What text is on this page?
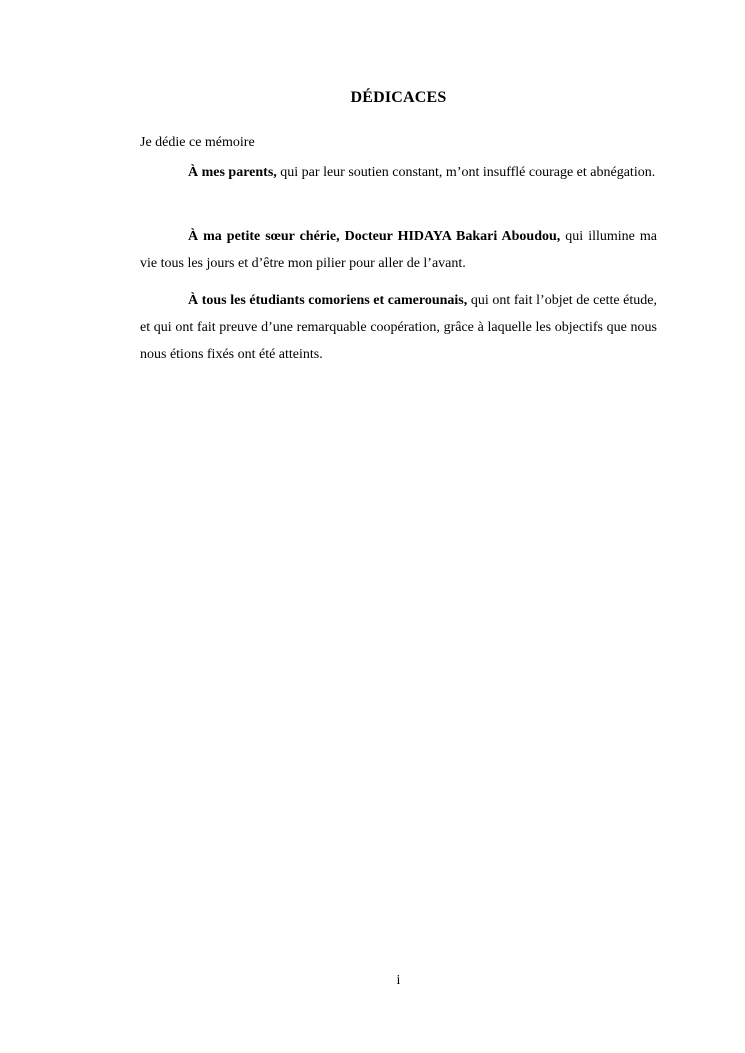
DÉDICACES
Je dédie ce mémoire

À mes parents, qui par leur soutien constant, m’ont insufflé courage et abnégation.

À ma petite sœur chérie, Docteur HIDAYA Bakari Aboudou, qui illumine ma vie tous les jours et d’être mon pilier pour aller de l’avant.

À tous les étudiants comoriens et camerounais, qui ont fait l’objet de cette étude, et qui ont fait preuve d’une remarquable coopération, grâce à laquelle les objectifs que nous nous étions fixés ont été atteints.

i
